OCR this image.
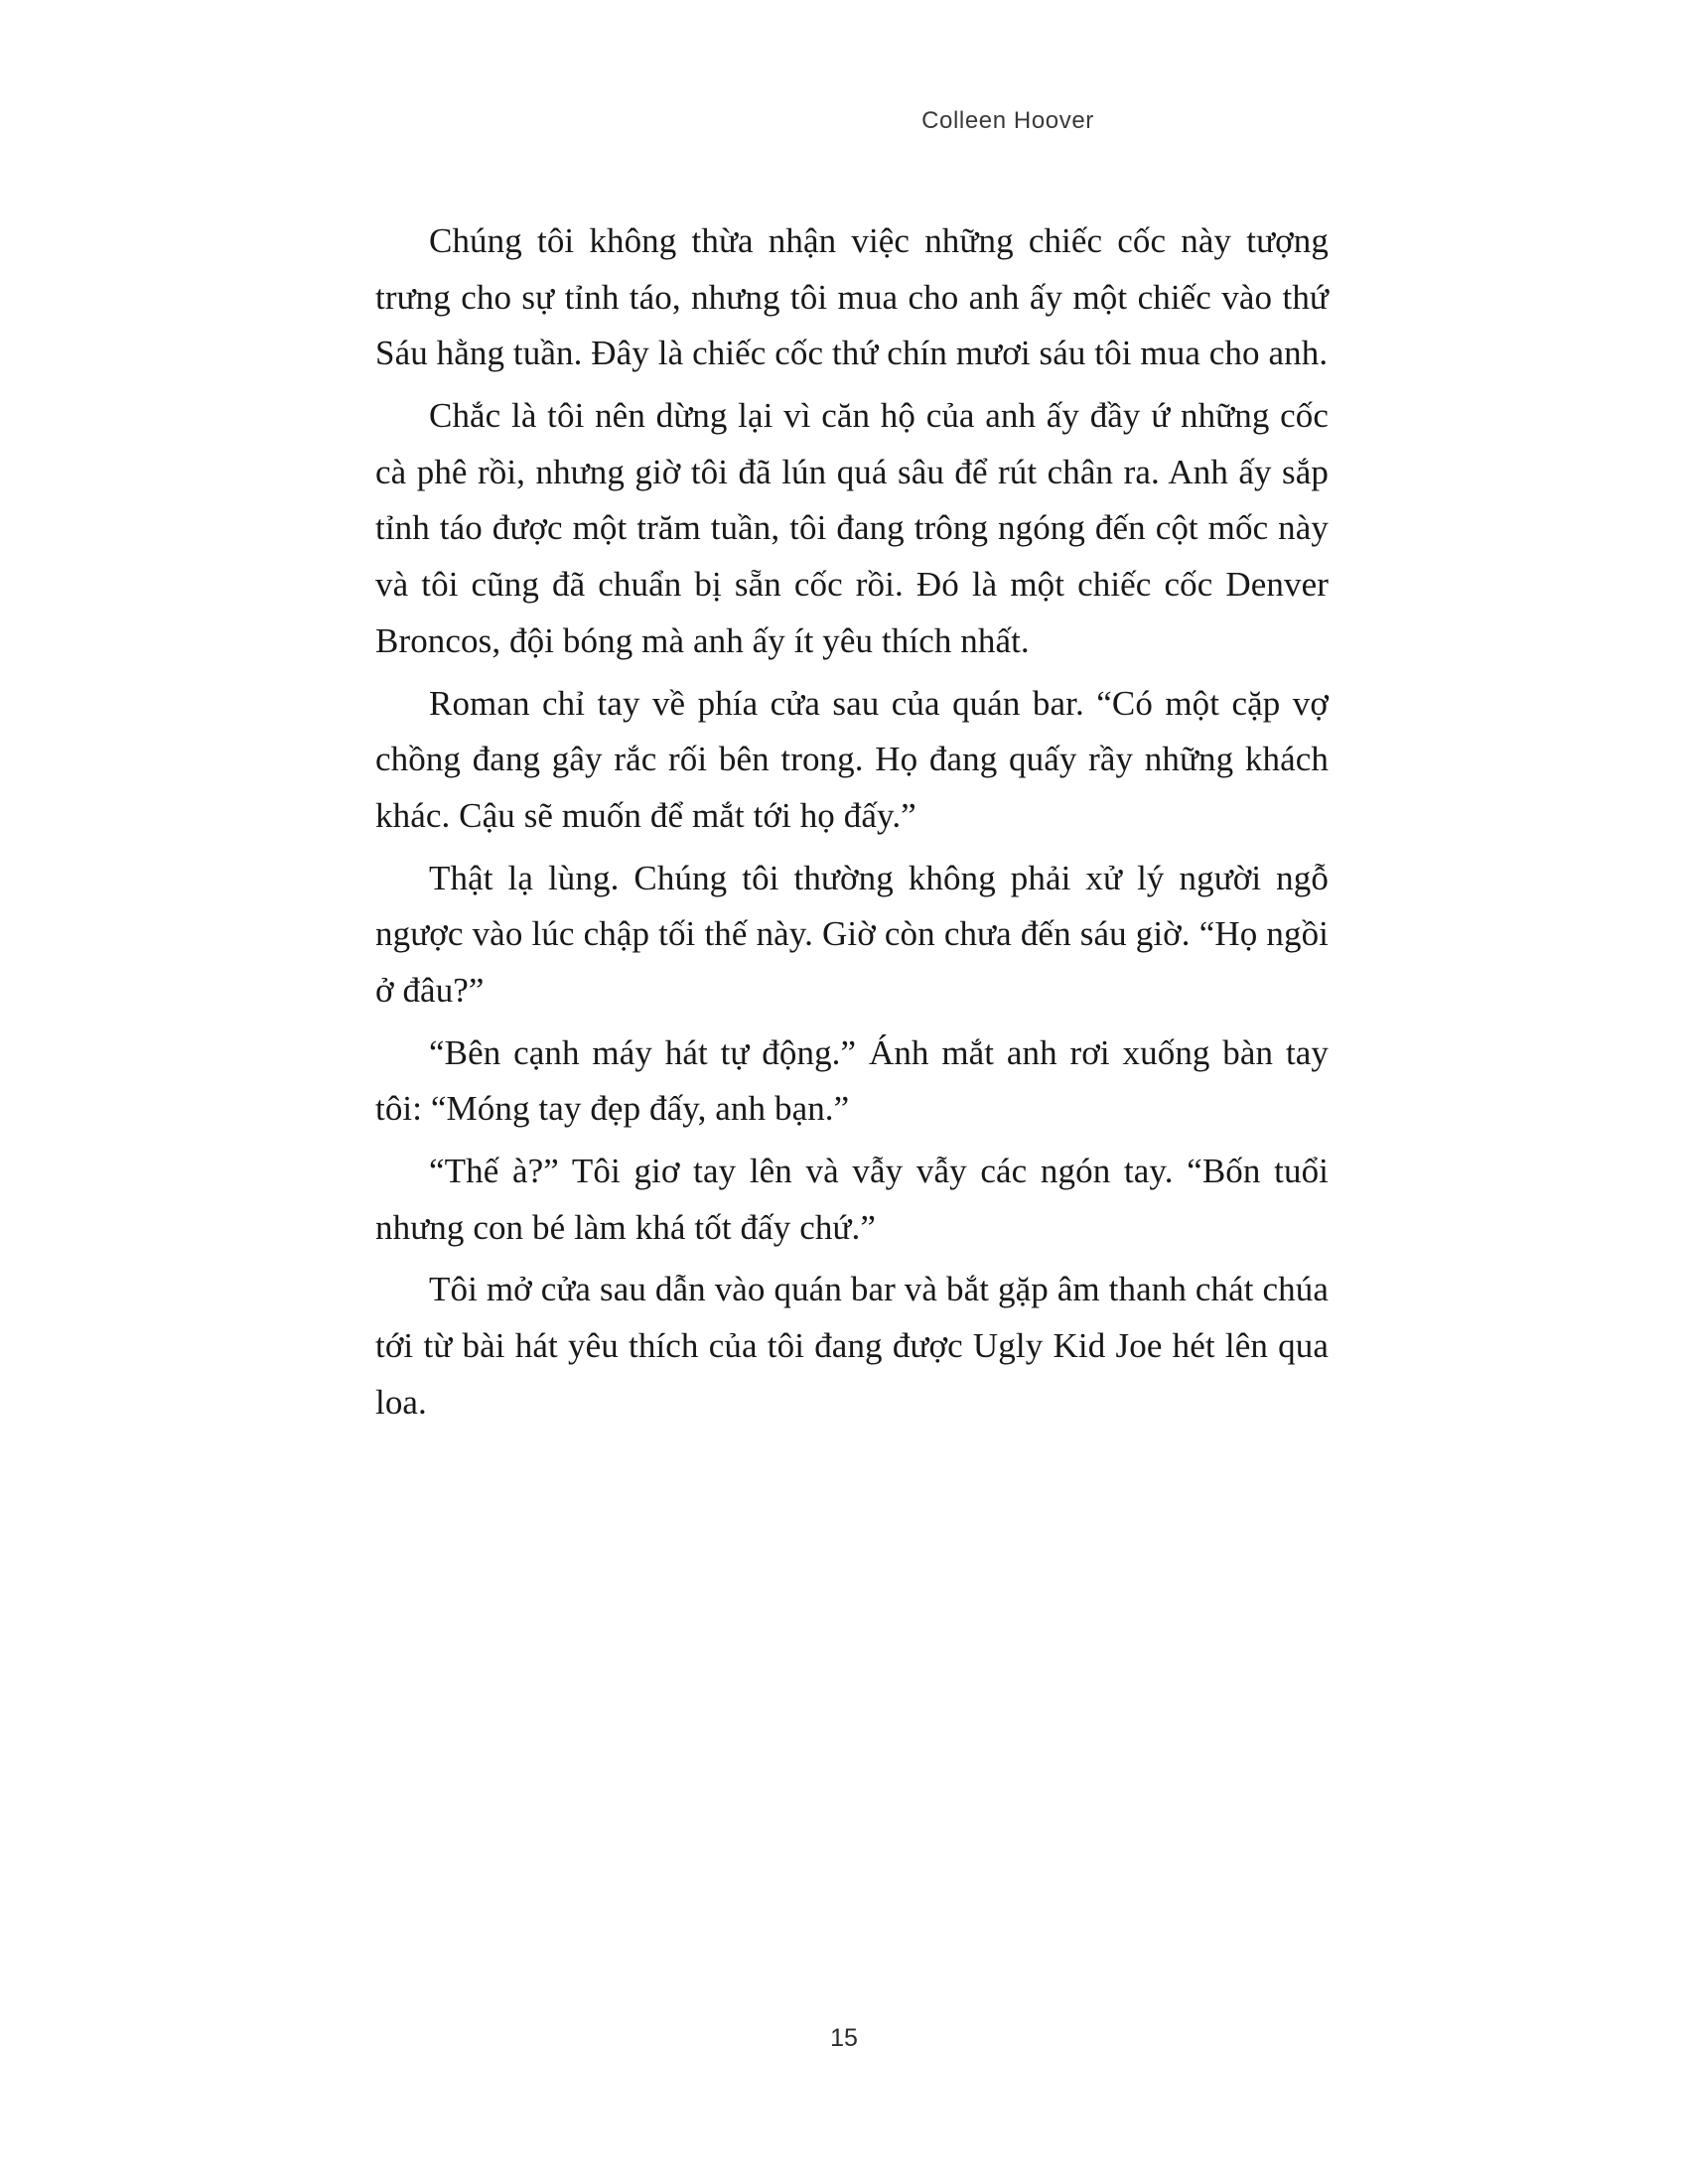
Colleen Hoover

Chúng tôi không thừa nhận việc những chiếc cốc này tượng trưng cho sự tỉnh táo, nhưng tôi mua cho anh ấy một chiếc vào thứ Sáu hằng tuần. Đây là chiếc cốc thứ chín mươi sáu tôi mua cho anh.

Chắc là tôi nên dừng lại vì căn hộ của anh ấy đầy ứ những cốc cà phê rồi, nhưng giờ tôi đã lún quá sâu để rút chân ra. Anh ấy sắp tỉnh táo được một trăm tuần, tôi đang trông ngóng đến cột mốc này và tôi cũng đã chuẩn bị sẵn cốc rồi. Đó là một chiếc cốc Denver Broncos, đội bóng mà anh ấy ít yêu thích nhất.

Roman chỉ tay về phía cửa sau của quán bar. “Có một cặp vợ chồng đang gây rắc rối bên trong. Họ đang quấy rầy những khách khác. Cậu sẽ muốn để mắt tới họ đấy.”

Thật lạ lùng. Chúng tôi thường không phải xử lý người ngỗ ngược vào lúc chập tối thế này. Giờ còn chưa đến sáu giờ. “Họ ngồi ở đâu?”

“Bên cạnh máy hát tự động.” Ánh mắt anh rơi xuống bàn tay tôi: “Móng tay đẹp đấy, anh bạn.”

“Thế à?” Tôi giơ tay lên và vẫy vẫy các ngón tay. “Bốn tuổi nhưng con bé làm khá tốt đấy chứ.”

Tôi mở cửa sau dẫn vào quán bar và bắt gặp âm thanh chát chúa tới từ bài hát yêu thích của tôi đang được Ugly Kid Joe hét lên qua loa.

15
